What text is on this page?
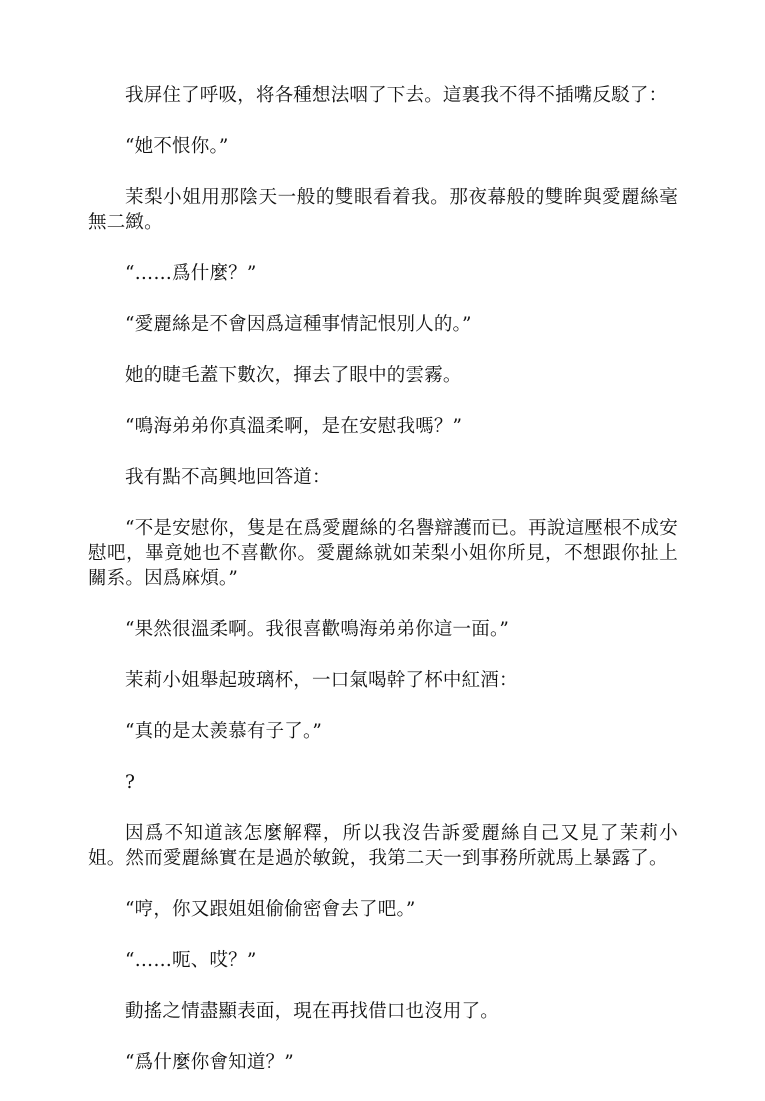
我屏住了呼吸，将各種想法咽了下去。這裏我不得不插嘴反駁了：

“她不恨你。”

茉梨小姐用那陰天一般的雙眼看着我。那夜幕般的雙眸與愛麗絲毫無二緻。

“……爲什麼？”

“愛麗絲是不會因爲這種事情記恨別人的。”

她的睫毛蓋下數次，揮去了眼中的雲霧。

“鳴海弟弟你真溫柔啊，是在安慰我嗎？”

我有點不高興地回答道：

“不是安慰你，隻是在爲愛麗絲的名譽辯護而已。再說這壓根不成安慰吧，畢竟她也不喜歡你。愛麗絲就如茉梨小姐你所見，不想跟你扯上關系。因爲麻煩。”

“果然很溫柔啊。我很喜歡鳴海弟弟你這一面。”

茉莉小姐舉起玻璃杯，一口氣喝幹了杯中紅酒：

“真的是太羨慕有子了。”

?

因爲不知道該怎麼解釋，所以我沒告訴愛麗絲自己又見了茉莉小姐。然而愛麗絲實在是過於敏銳，我第二天一到事務所就馬上暴露了。

“哼，你又跟姐姐偷偷密會去了吧。”

“……呃、哎？”

動搖之情盡顯表面，現在再找借口也沒用了。

“爲什麼你會知道？”
